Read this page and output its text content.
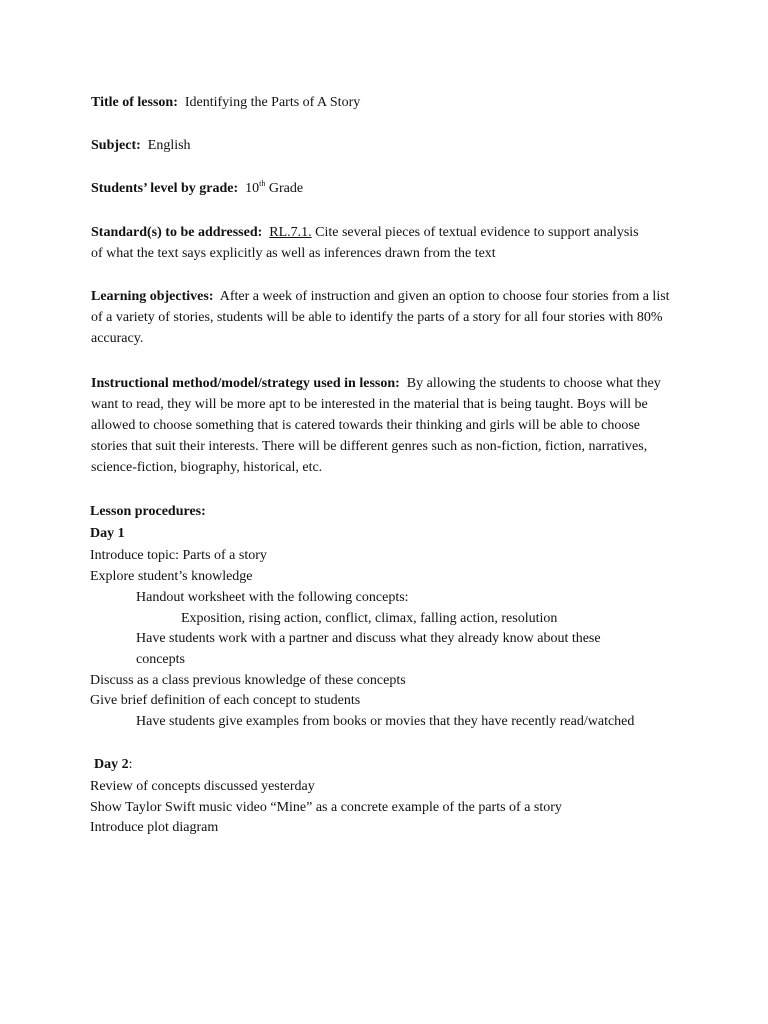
Title of lesson: Identifying the Parts of A Story
Subject: English
Students’ level by grade: 10th Grade
Standard(s) to be addressed: RL.7.1. Cite several pieces of textual evidence to support analysis of what the text says explicitly as well as inferences drawn from the text
Learning objectives: After a week of instruction and given an option to choose four stories from a list of a variety of stories, students will be able to identify the parts of a story for all four stories with 80% accuracy.
Instructional method/model/strategy used in lesson: By allowing the students to choose what they want to read, they will be more apt to be interested in the material that is being taught. Boys will be allowed to choose something that is catered towards their thinking and girls will be able to choose stories that suit their interests. There will be different genres such as non-fiction, fiction, narratives, science-fiction, biography, historical, etc.
Lesson procedures:
Day 1
Introduce topic: Parts of a story
Explore student’s knowledge
Handout worksheet with the following concepts:
Exposition, rising action, conflict, climax, falling action, resolution
Have students work with a partner and discuss what they already know about these
concepts
Discuss as a class previous knowledge of these concepts
Give brief definition of each concept to students
Have students give examples from books or movies that they have recently read/watched
Day 2:
Review of concepts discussed yesterday
Show Taylor Swift music video “Mine” as a concrete example of the parts of a story
Introduce plot diagram
